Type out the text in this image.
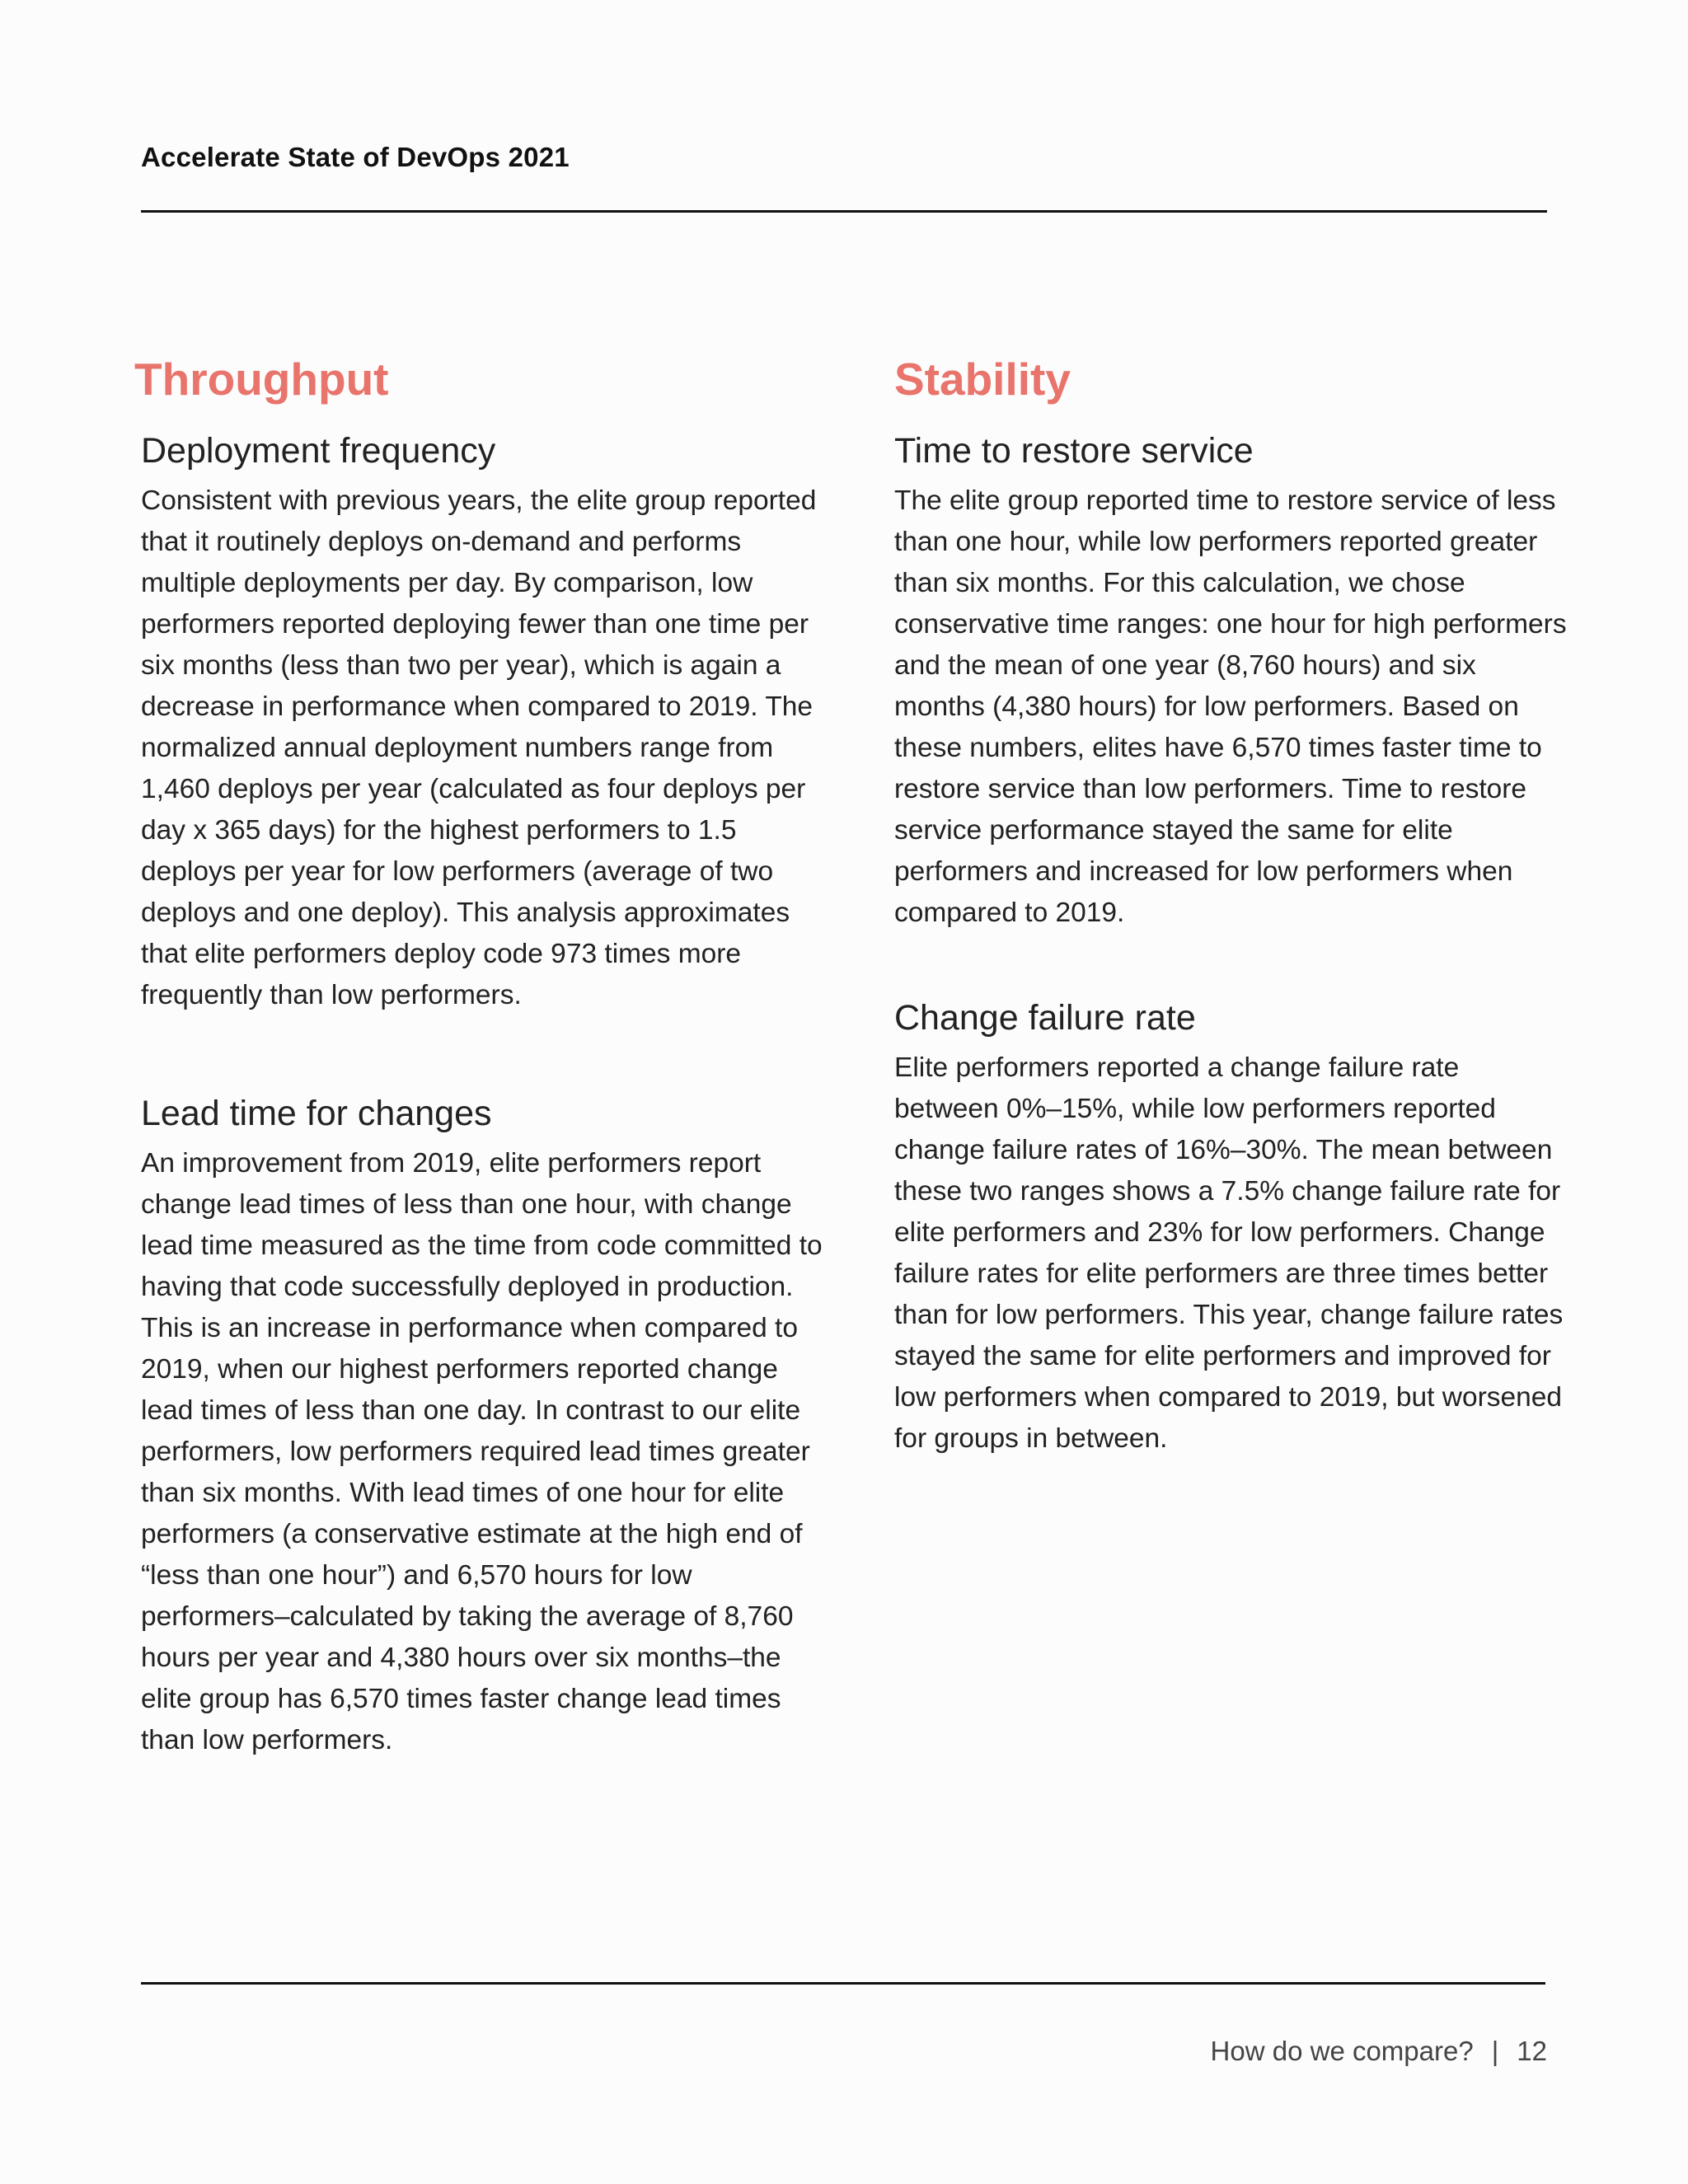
Accelerate State of DevOps 2021
Throughput
Deployment frequency

Consistent with previous years, the elite group reported that it routinely deploys on-demand and performs multiple deployments per day. By comparison, low performers reported deploying fewer than one time per six months (less than two per year), which is again a decrease in performance when compared to 2019. The normalized annual deployment numbers range from 1,460 deploys per year (calculated as four deploys per day x 365 days) for the highest performers to 1.5 deploys per year for low performers (average of two deploys and one deploy). This analysis approximates that elite performers deploy code 973 times more frequently than low performers.

Lead time for changes

An improvement from 2019, elite performers report change lead times of less than one hour, with change lead time measured as the time from code committed to having that code successfully deployed in production. This is an increase in performance when compared to 2019, when our highest performers reported change lead times of less than one day. In contrast to our elite performers, low performers required lead times greater than six months. With lead times of one hour for elite performers (a conservative estimate at the high end of “less than one hour”) and 6,570 hours for low performers–calculated by taking the average of 8,760 hours per year and 4,380 hours over six months–the elite group has 6,570 times faster change lead times than low performers.

Stability
Time to restore service

The elite group reported time to restore service of less than one hour, while low performers reported greater than six months. For this calculation, we chose conservative time ranges: one hour for high performers and the mean of one year (8,760 hours) and six months (4,380 hours) for low performers. Based on these numbers, elites have 6,570 times faster time to restore service than low performers. Time to restore service performance stayed the same for elite performers and increased for low performers when compared to 2019.

Change failure rate

Elite performers reported a change failure rate between 0%–15%, while low performers reported change failure rates of 16%–30%. The mean between these two ranges shows a 7.5% change failure rate for elite performers and 23% for low performers. Change failure rates for elite performers are three times better than for low performers. This year, change failure rates stayed the same for elite performers and improved for low performers when compared to 2019, but worsened for groups in between.

How do we compare? | 12
